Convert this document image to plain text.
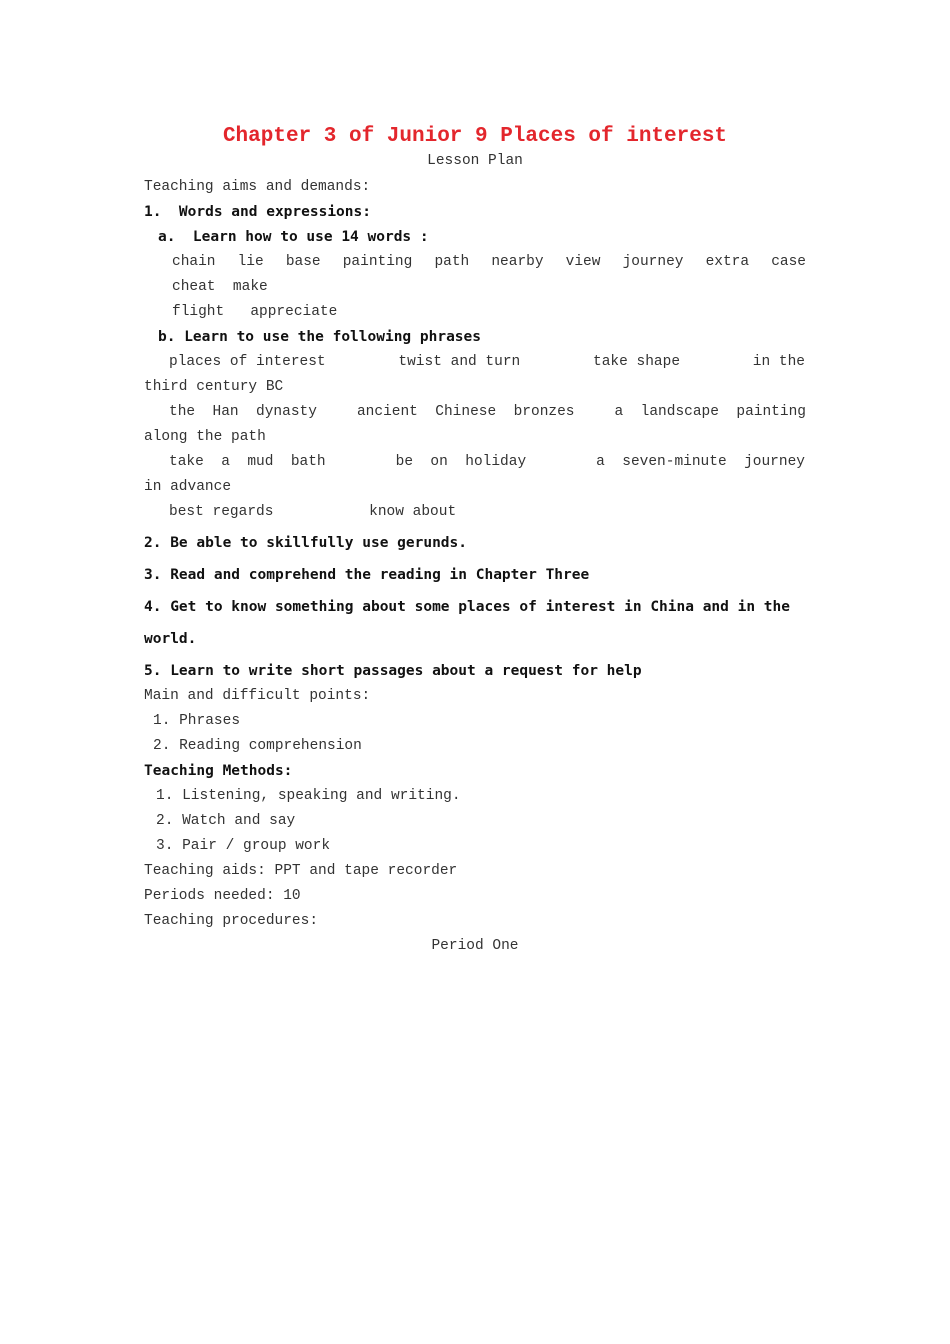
Chapter 3 of Junior 9 Places of interest
Lesson Plan
Teaching aims and demands:
1.  Words and expressions:
a.  Learn how to use 14 words :
chain lie base painting path nearby view journey extra case
cheat  make
flight   appreciate
b. Learn to use the following phrases
places of interest	twist and turn	take shape	in the
third century BC
the  Han  dynasty	ancient  Chinese  bronzes	a  landscape  painting
along the path
take  a  mud  bath	be  on  holiday	a  seven-minute  journey
in advance
best regards           know about
2. Be able to skillfully use gerunds.
3. Read and comprehend the reading in Chapter Three
4. Get to know something about some places of interest in China and in the
world.
5. Learn to write short passages about a request for help
Main and difficult points:
1. Phrases
2. Reading comprehension
Teaching Methods:
1. Listening, speaking and writing.
2. Watch and say
3. Pair / group work
Teaching aids: PPT and tape recorder
Periods needed: 10
Teaching procedures:
Period One
